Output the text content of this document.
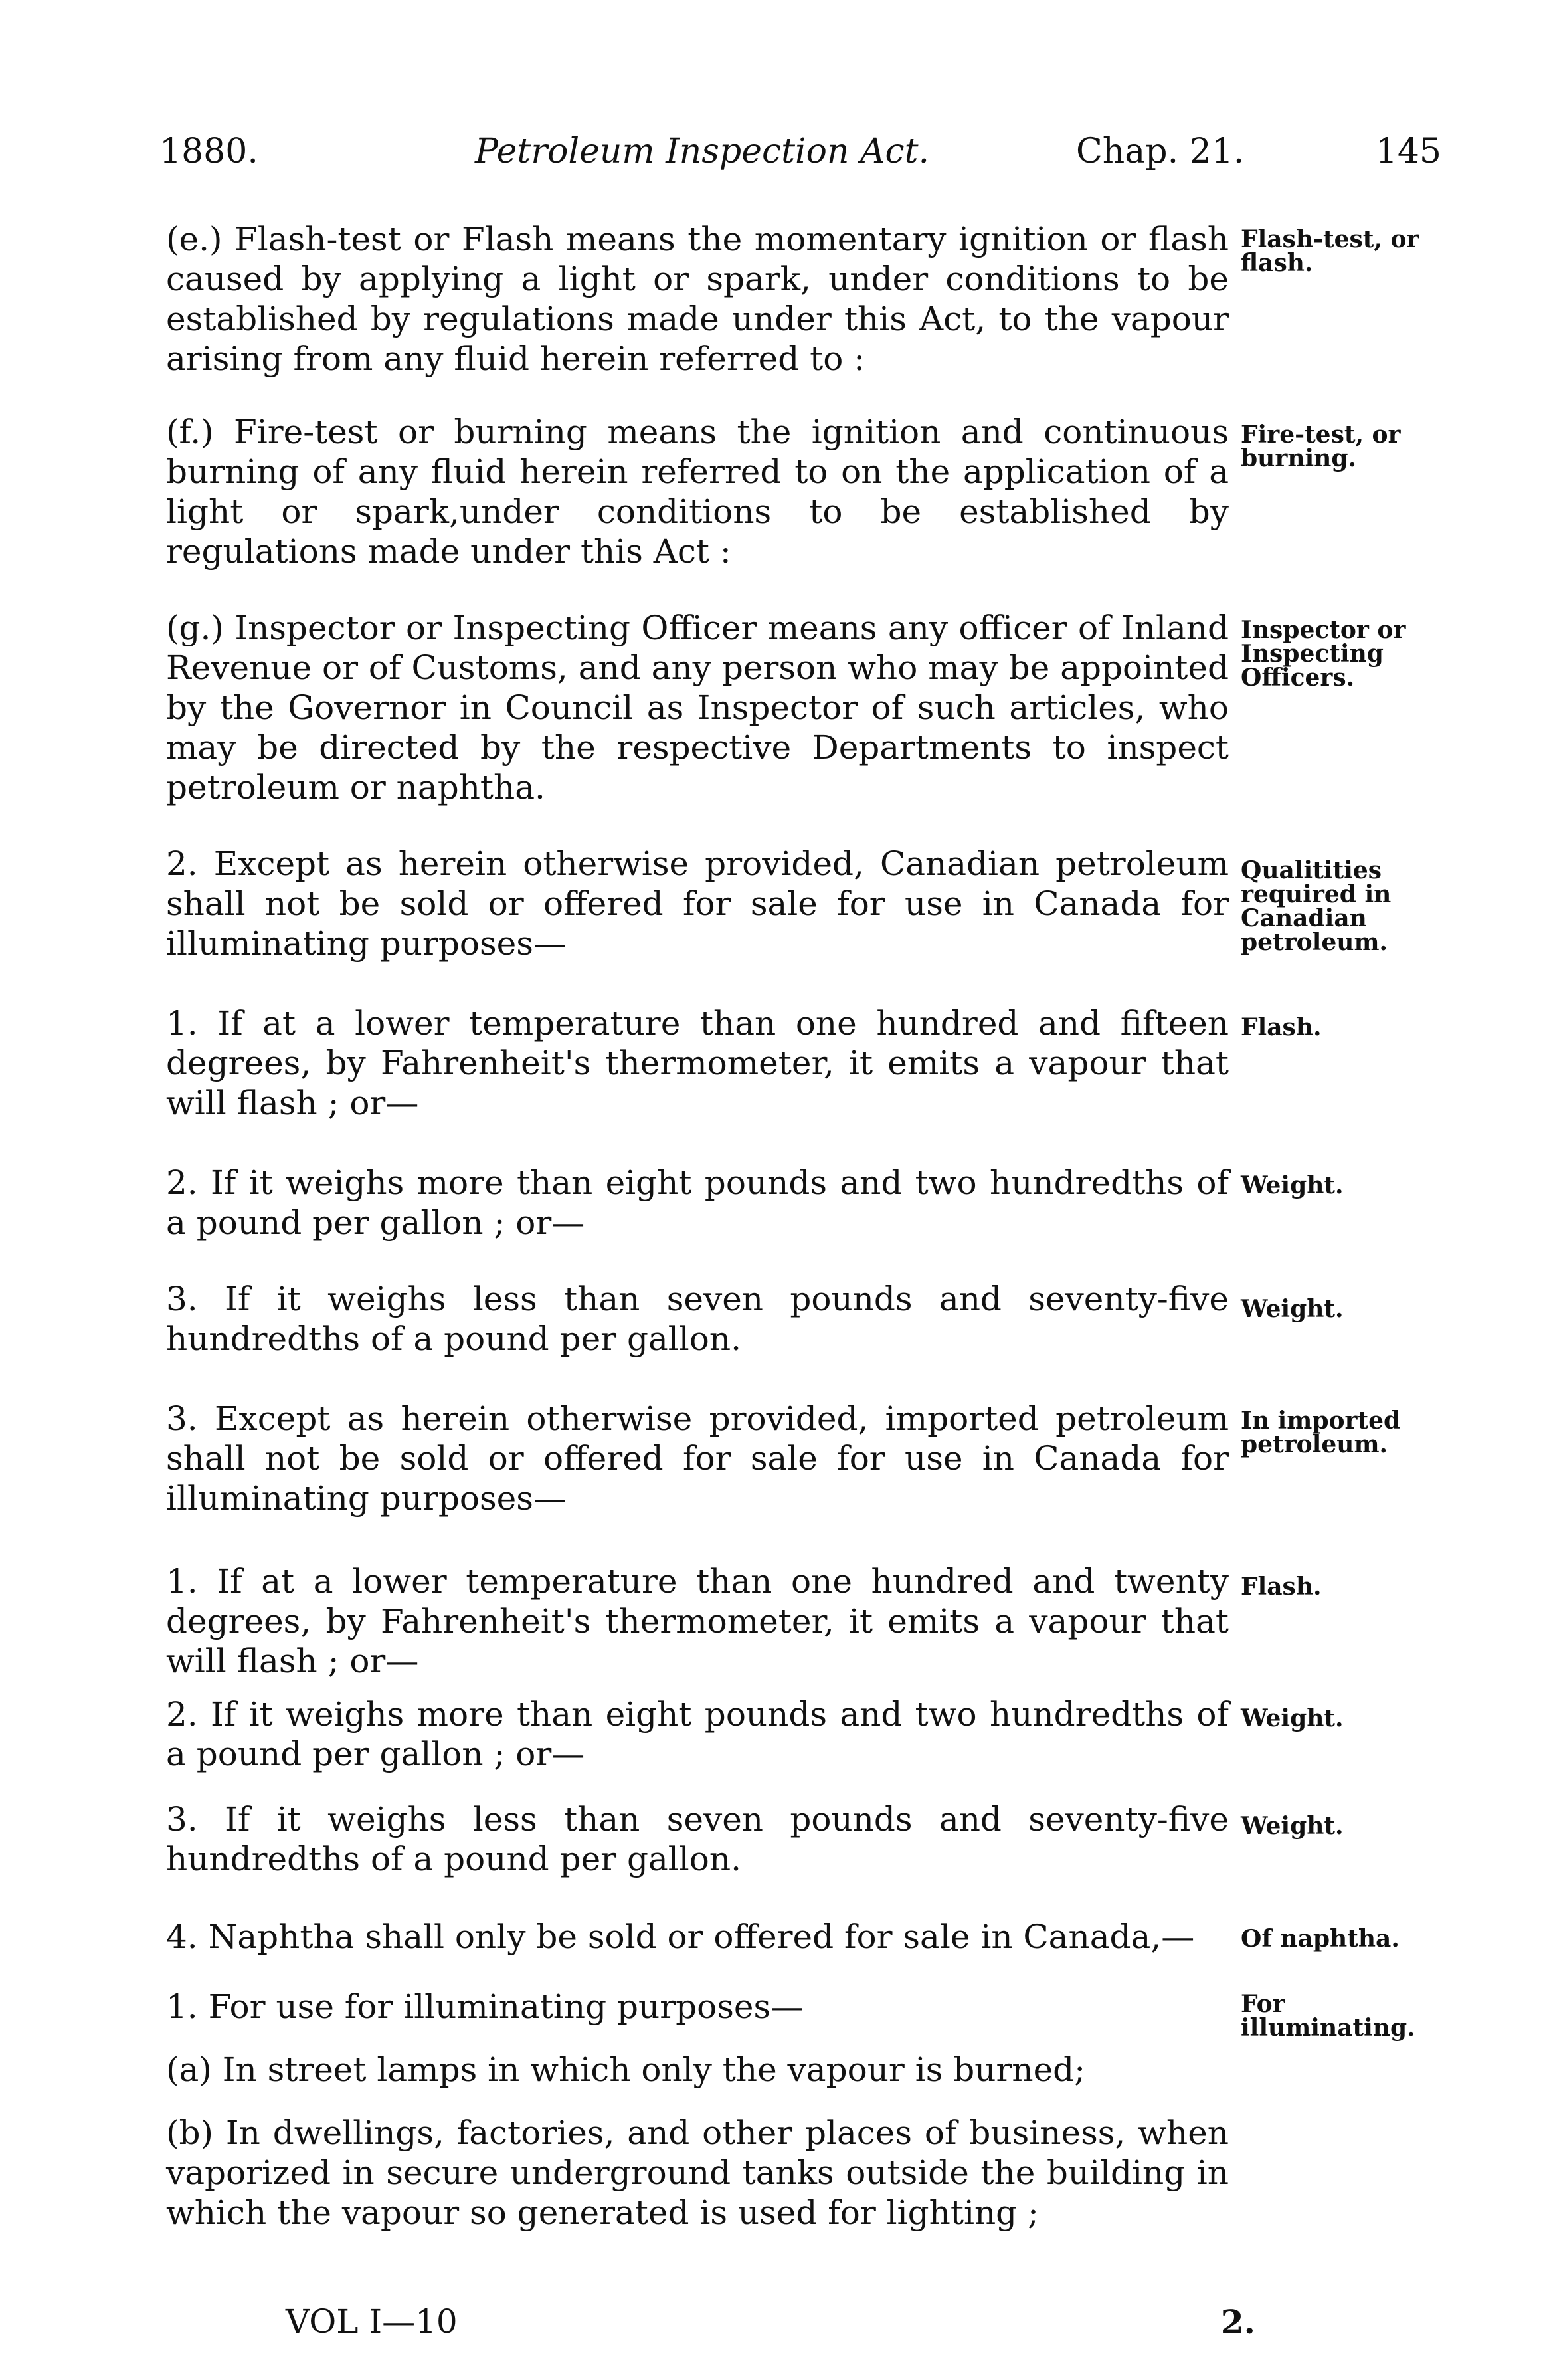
1880.	Petroleum Inspection Act.	Chap. 21.	145
(e.) Flash-test or Flash means the momentary ignition or flash caused by applying a light or spark, under conditions to be established by regulations made under this Act, to the vapour arising from any fluid herein referred to :
Flash-test, or flash.
(f.) Fire-test or burning means the ignition and continuous burning of any fluid herein referred to on the application of a light or spark,under conditions to be established by regulations made under this Act :
Fire-test, or burning.
(g.) Inspector or Inspecting Officer means any officer of Inland Revenue or of Customs, and any person who may be appointed by the Governor in Council as Inspector of such articles, who may be directed by the respective Departments to inspect petroleum or naphtha.
Inspector or Inspecting Officers.
2. Except as herein otherwise provided, Canadian petroleum shall not be sold or offered for sale for use in Canada for illuminating purposes—
Qualitities required in Canadian petroleum.
1. If at a lower temperature than one hundred and fifteen degrees, by Fahrenheit's thermometer, it emits a vapour that will flash ; or—
Flash.
2. If it weighs more than eight pounds and two hundredths of a pound per gallon ; or—
Weight.
3. If it weighs less than seven pounds and seventy-five hundredths of a pound per gallon.
Weight.
3. Except as herein otherwise provided, imported petroleum shall not be sold or offered for sale for use in Canada for illuminating purposes—
In imported petroleum.
1. If at a lower temperature than one hundred and twenty degrees, by Fahrenheit's thermometer, it emits a vapour that will flash ; or—
Flash.
2. If it weighs more than eight pounds and two hundredths of a pound per gallon ; or—
Weight.
3. If it weighs less than seven pounds and seventy-five hundredths of a pound per gallon.
Weight.
4. Naphtha shall only be sold or offered for sale in Canada,—	Of naphtha.
1. For use for illuminating purposes—	For illuminating.
(a) In street lamps in which only the vapour is burned;
(b) In dwellings, factories, and other places of business, when vaporized in secure underground tanks outside the building in which the vapour so generated is used for lighting ;
VOL I—10	2.
